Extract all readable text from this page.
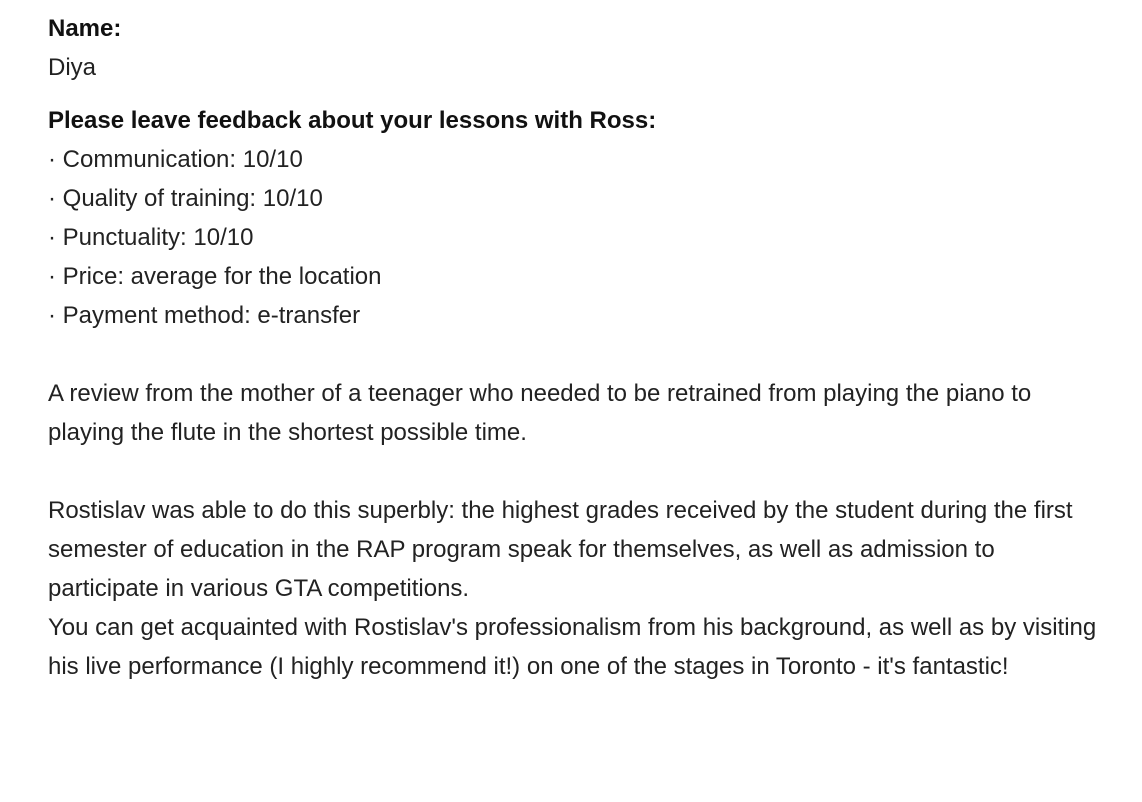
Name:
Diya
Please leave feedback about your lessons with Ross:
· Communication: 10/10
· Quality of training: 10/10
· Punctuality: 10/10
· Price: average for the location
· Payment method: e-transfer

A review from the mother of a teenager who needed to be retrained from playing the piano to playing the flute in the shortest possible time.

Rostislav was able to do this superbly: the highest grades received by the student during the first semester of education in the RAP program speak for themselves, as well as admission to participate in various GTA competitions.

You can get acquainted with Rostislav's professionalism from his background, as well as by visiting his live performance (I highly recommend it!) on one of the stages in Toronto - it's fantastic!
